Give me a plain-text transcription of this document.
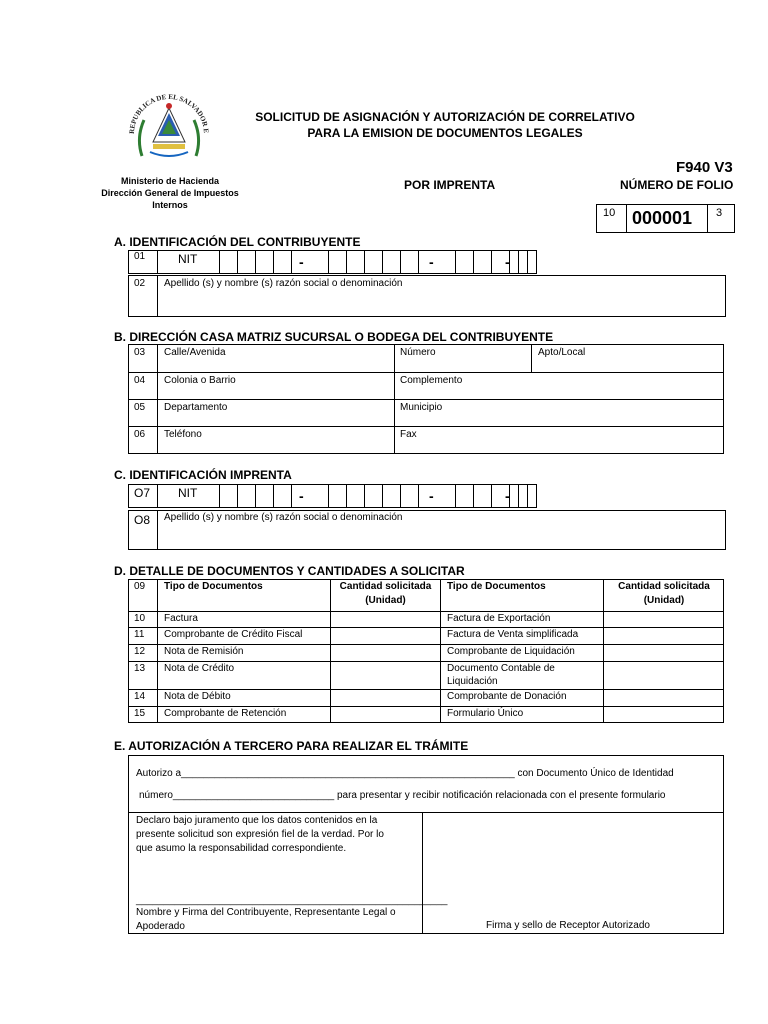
REPUBLICA DE EL SALVADOR E
Ministerio de Hacienda
Dirección General de Impuestos
Internos
SOLICITUD DE ASIGNACIÓN Y AUTORIZACIÓN DE CORRELATIVO
PARA LA EMISION DE DOCUMENTOS LEGALES
POR IMPRENTA
F940 V3
NÚMERO DE FOLIO
10 000001 3
A. IDENTIFICACIÓN DEL CONTRIBUYENTE
01	NIT	-	-	-
02 Apellido (s) y nombre (s) razón social o denominación
B. DIRECCIÓN CASA MATRIZ SUCURSAL O BODEGA DEL CONTRIBUYENTE
03 Calle/Avenida	Número	Apto/Local
04 Colonia o Barrio	Complemento
05 Departamento	Municipio
06 Teléfono	Fax
C. IDENTIFICACIÓN IMPRENTA
O7 NIT	-	-	-
O8 Apellido (s) y nombre (s) razón social o denominación
D. DETALLE DE DOCUMENTOS Y CANTIDADES A SOLICITAR
09 Tipo de Documentos	Cantidad solicitada
(Unidad)
Tipo de Documentos	Cantidad solicitada
(Unidad)
10 Factura	Factura de Exportación
11 Comprobante de Crédito Fiscal	Factura de Venta simplificada
12 Nota de Remisión	Comprobante de Liquidación
13 Nota de Crédito	Documento Contable de
Liquidación
14 Nota de Débito	Comprobante de Donación
15 Comprobante de Retención	Formulario Único
E. AUTORIZACIÓN A TERCERO PARA REALIZAR EL TRÁMITE
Autorizo a____________________________________________________________ con Documento Único de Identidad
número_____________________________ para presentar y recibir notificación relacionada con el presente formulario
Declaro bajo juramento que los datos contenidos en la
presente solicitud son expresión fiel de la verdad. Por lo
que asumo la responsabilidad correspondiente.
________________________________________________________
Nombre y Firma del Contribuyente, Representante Legal o
Apoderado	Firma y sello de Receptor Autorizado
